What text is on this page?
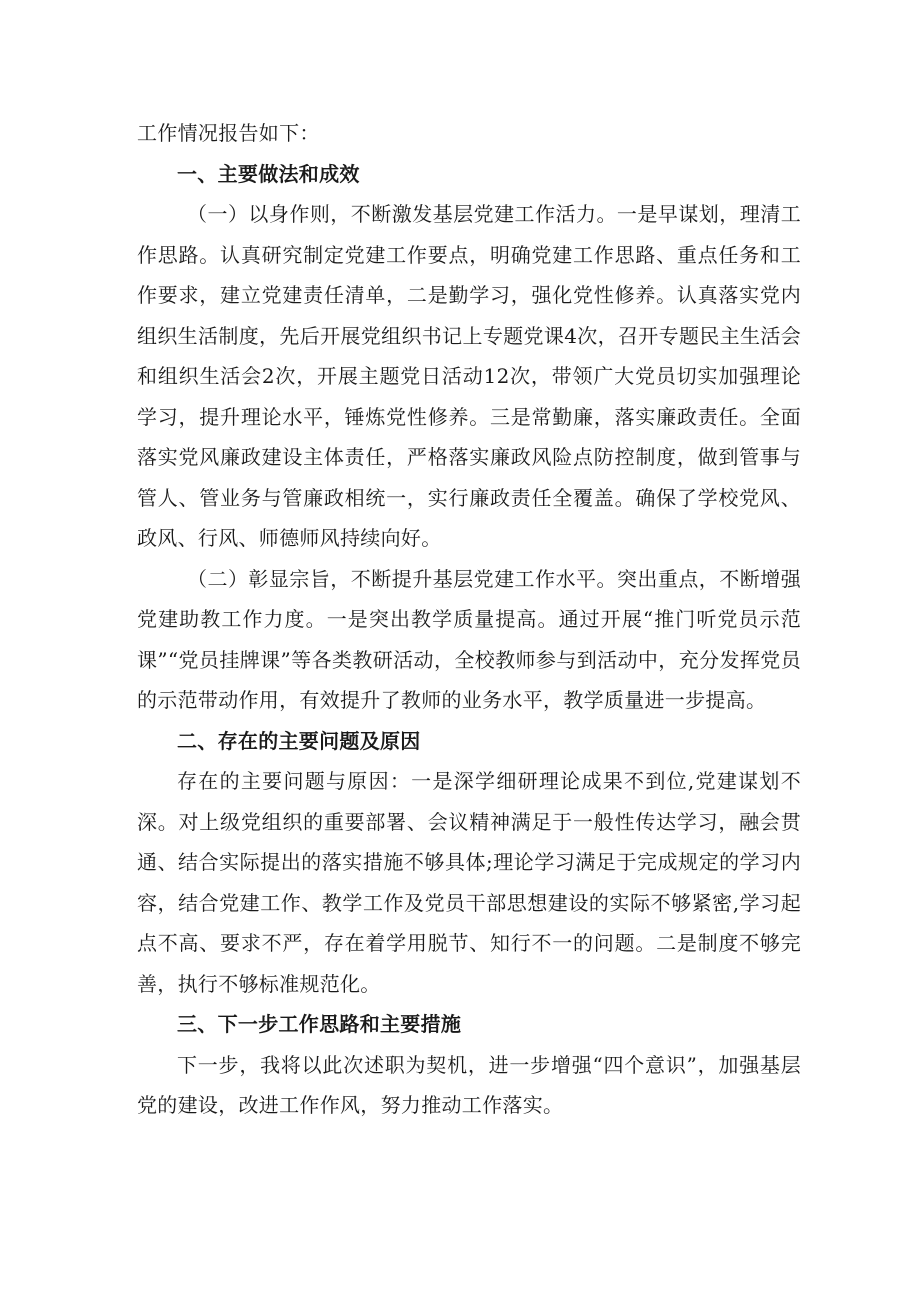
工作情况报告如下：

一、主要做法和成效

（一）以身作则，不断激发基层党建工作活力。一是早谋划，理清工作思路。认真研究制定党建工作要点，明确党建工作思路、重点任务和工作要求，建立党建责任清单，二是勤学习，强化党性修养。认真落实党内组织生活制度，先后开展党组织书记上专题党课4次，召开专题民主生活会和组织生活会2次，开展主题党日活动12次，带领广大党员切实加强理论学习，提升理论水平，锤炼党性修养。三是常勤廉，落实廉政责任。全面落实党风廉政建设主体责任，严格落实廉政风险点防控制度，做到管事与管人、管业务与管廉政相统一，实行廉政责任全覆盖。确保了学校党风、政风、行风、师德师风持续向好。

（二）彰显宗旨，不断提升基层党建工作水平。突出重点，不断增强党建助教工作力度。一是突出教学质量提高。通过开展“推门听党员示范课”“党员挂牌课”等各类教研活动，全校教师参与到活动中，充分发挥党员的示范带动作用，有效提升了教师的业务水平，教学质量进一步提高。

二、存在的主要问题及原因

存在的主要问题与原因：一是深学细研理论成果不到位,党建谋划不深。对上级党组织的重要部署、会议精神满足于一般性传达学习，融会贯通、结合实际提出的落实措施不够具体;理论学习满足于完成规定的学习内容，结合党建工作、教学工作及党员干部思想建设的实际不够紧密,学习起点不高、要求不严，存在着学用脱节、知行不一的问题。二是制度不够完善，执行不够标准规范化。

三、下一步工作思路和主要措施

下一步，我将以此次述职为契机，进一步增强“四个意识”，加强基层党的建设，改进工作作风，努力推动工作落实。
